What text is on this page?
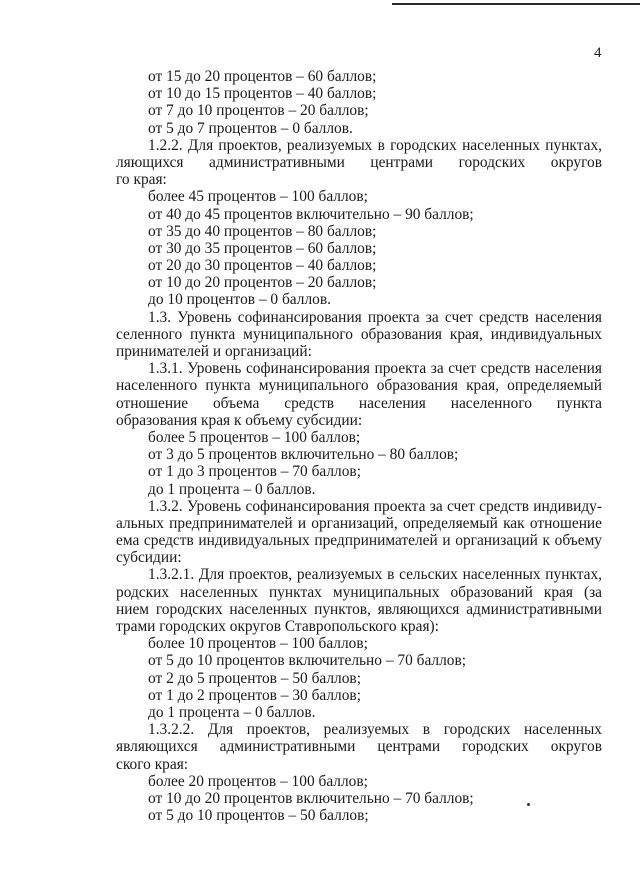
4
от 15 до 20 процентов – 60 баллов;
от 10 до 15 процентов – 40 баллов;
от 7 до 10 процентов – 20 баллов;
от 5 до 7 процентов – 0 баллов.
1.2.2. Для проектов, реализуемых в городских населенных пунктах,
ляющихся административными центрами городских округов
го края:
более 45 процентов – 100 баллов;
от 40 до 45 процентов включительно – 90 баллов;
от 35 до 40 процентов – 80 баллов;
от 30 до 35 процентов – 60 баллов;
от 20 до 30 процентов – 40 баллов;
от 10 до 20 процентов – 20 баллов;
до 10 процентов – 0 баллов.
1.3. Уровень софинансирования проекта за счет средств населения
селенного пункта муниципального образования края, индивидуальных
принимателей и организаций:
1.3.1. Уровень софинансирования проекта за счет средств населения
населенного пункта муниципального образования края, определяемый
отношение объема средств населения населенного пункта
образования края к объему субсидии:
более 5 процентов – 100 баллов;
от 3 до 5 процентов включительно – 80 баллов;
от 1 до 3 процентов – 70 баллов;
до 1 процента – 0 баллов.
1.3.2. Уровень софинансирования проекта за счет средств индивиду-
альных предпринимателей и организаций, определяемый как отношение
ема средств индивидуальных предпринимателей и организаций к объему
субсидии:
1.3.2.1. Для проектов, реализуемых в сельских населенных пунктах,
родских населенных пунктах муниципальных образований края (за
нием городских населенных пунктов, являющихся административными
трами городских округов Ставропольского края):
более 10 процентов – 100 баллов;
от 5 до 10 процентов включительно – 70 баллов;
от 2 до 5 процентов – 50 баллов;
от 1 до 2 процентов – 30 баллов;
до 1 процента – 0 баллов.
1.3.2.2. Для проектов, реализуемых в городских населенных
являющихся административными центрами городских округов
ского края:
более 20 процентов – 100 баллов;
от 10 до 20 процентов включительно – 70 баллов;
от 5 до 10 процентов – 50 баллов;
